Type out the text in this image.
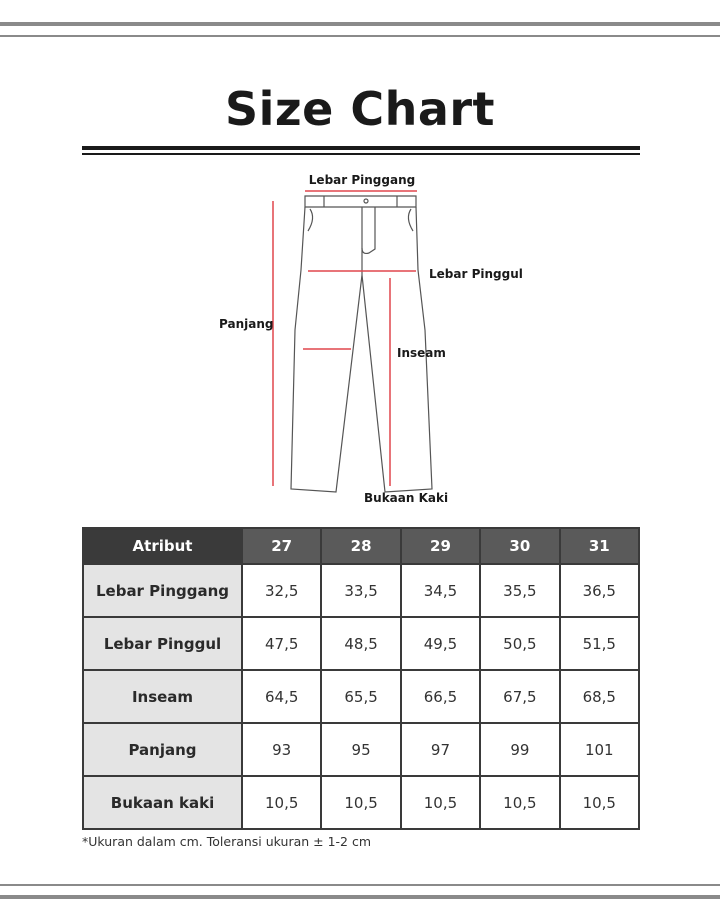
Size Chart
Lebar Pinggang
Lebar Pinggul
Panjang
Inseam
Bukaan Kaki
Atribut	27	28	29	30	31
Lebar Pinggang	32,5	33,5	34,5	35,5	36,5
Lebar Pinggul	47,5	48,5	49,5	50,5	51,5
Inseam	64,5	65,5	66,5	67,5	68,5
Panjang	93	95	97	99	101
Bukaan kaki	10,5	10,5	10,5	10,5	10,5
*Ukuran dalam cm. Toleransi ukuran ± 1-2 cm
